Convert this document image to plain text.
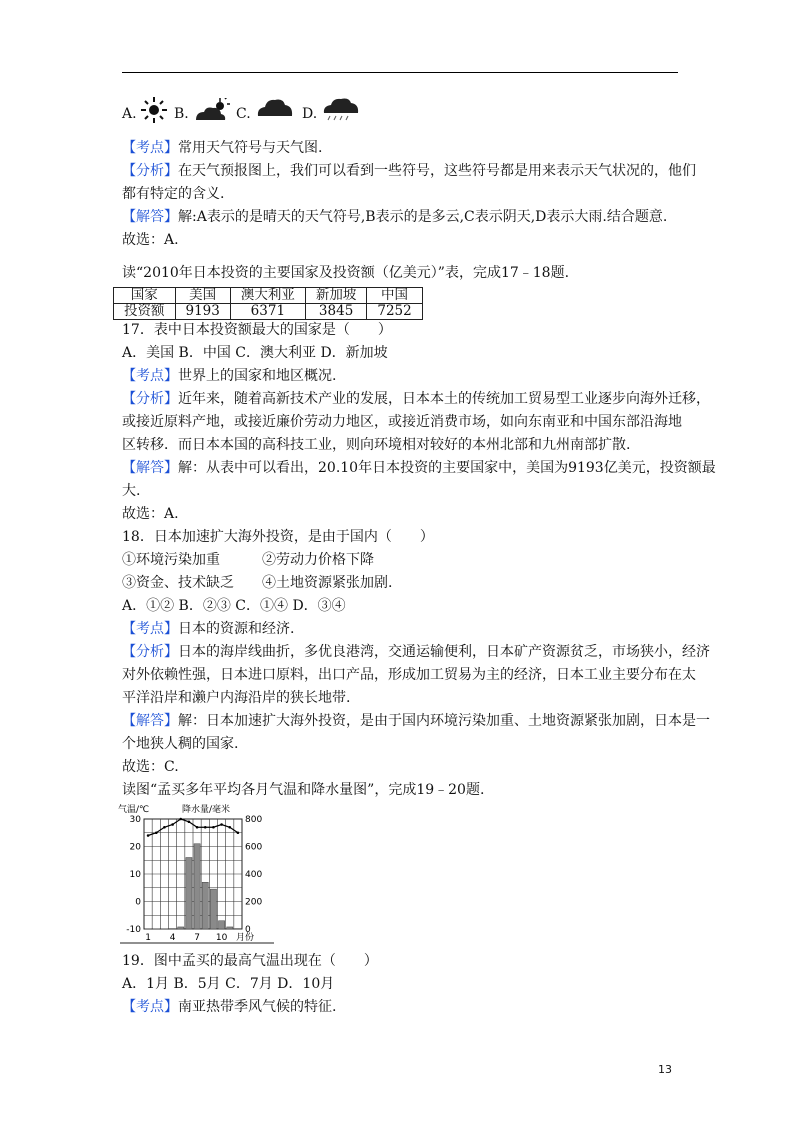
A.	B.	C.	D.
【考点】常用天气符号与天气图.
【分析】在天气预报图上，我们可以看到一些符号，这些符号都是用来表示天气状况的，他们
都有特定的含义.
【解答】解:A表示的是晴天的天气符号,B表示的是多云,C表示阴天,D表示大雨.结合题意.
故选：A.
读“2010年日本投资的主要国家及投资额（亿美元）”表，完成17﹣18题.
国家	美国	澳大利亚	新加坡	中国
投资额	9193	6371	3845	7252
17．表中日本投资额最大的国家是（　　）
A．美国 B．中国 C．澳大利亚 D．新加坡
【考点】世界上的国家和地区概况.
【分析】近年来，随着高新技术产业的发展，日本本土的传统加工贸易型工业逐步向海外迁移，
或接近原料产地，或接近廉价劳动力地区，或接近消费市场，如向东南亚和中国东部沿海地
区转移．而日本本国的高科技工业，则向环境相对较好的本州北部和九州南部扩散.
【解答】解：从表中可以看出，20.10年日本投资的主要国家中，美国为9193亿美元，投资额最
大.
故选：A.
18．日本加速扩大海外投资，是由于国内（　　）
①环境污染加重	②劳动力价格下降
③资金、技术缺乏 ④土地资源紧张加剧.
A．①② B．②③ C．①④ D．③④
【考点】日本的资源和经济.
【分析】日本的海岸线曲折，多优良港湾，交通运输便利，日本矿产资源贫乏，市场狭小，经济
对外依赖性强，日本进口原料，出口产品，形成加工贸易为主的经济，日本工业主要分布在太
平洋沿岸和濑户内海沿岸的狭长地带.
【解答】解：日本加速扩大海外投资，是由于国内环境污染加重、土地资源紧张加剧，日本是一
个地狭人稠的国家.
故选：C.
读图“孟买多年平均各月气温和降水量图”，完成19﹣20题.
气温/℃	降水量/毫米
30
20
10
0
-10
800
600
400
200
0
1 4 7 10 月份
19．图中孟买的最高气温出现在（　　）
A．1月 B．5月 C．7月 D．10月
【考点】南亚热带季风气候的特征.
13
